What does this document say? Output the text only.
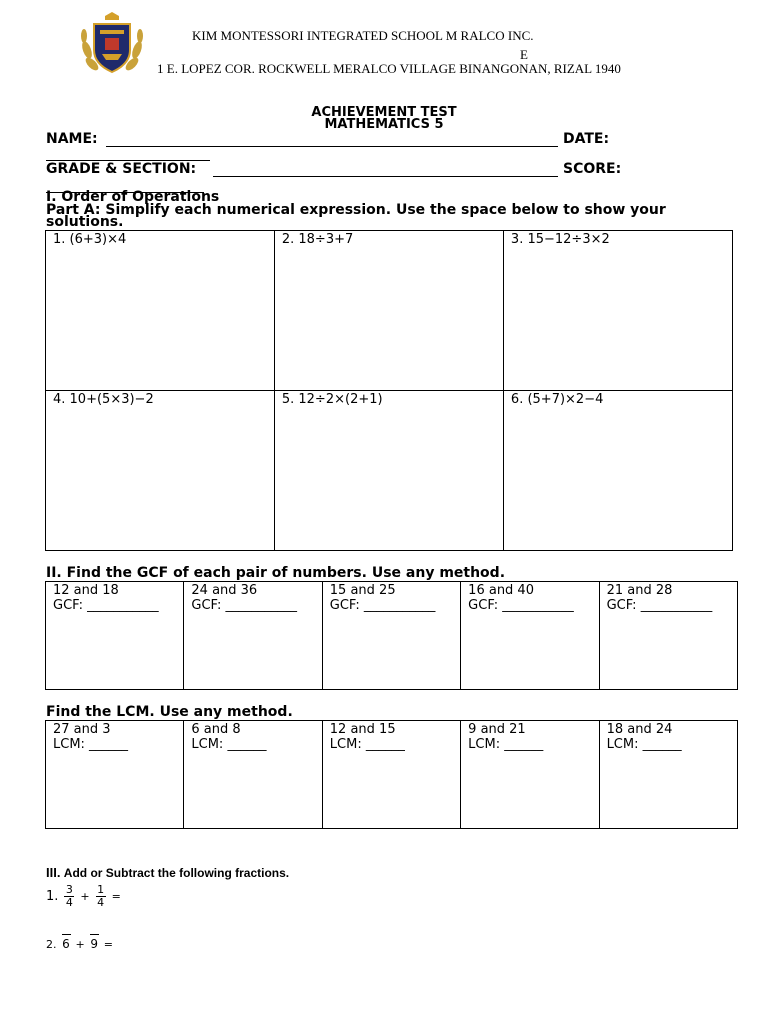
KIM MONTESSORI INTEGRATED SCHOOL M RALCO INC.
E
1 E. LOPEZ COR. ROCKWELL MERALCO VILLAGE BINANGONAN, RIZAL 1940
ACHIEVEMENT TEST
MATHEMATICS 5
NAME:	DATE:
GRADE & SECTION:	SCORE:
I. Order of Operations
Part A: Simplify each numerical expression. Use the space below to show your
solutions.
1. (6+3)×4	2. 18÷3+7	3. 15−12÷3×2

4. 10+(5×3)−2	5. 12÷2×(2+1)	6. (5+7)×2−4
II. Find the GCF of each pair of numbers. Use any method.
12 and 18
GCF: ___________

24 and 36
GCF: ___________

15 and 25
GCF: ___________

16 and 40
GCF: ___________

21 and 28
GCF: ___________
Find the LCM. Use any method.
27 and 3
LCM: ______

6 and 8
LCM: ______

12 and 15
LCM: ______

9 and 21
LCM: ______

18 and 24
LCM: ______
III. Add or Subtract the following fractions.
1. $\frac{3}{4} + \frac{1}{4}$ =
2. 6 + 9 =
